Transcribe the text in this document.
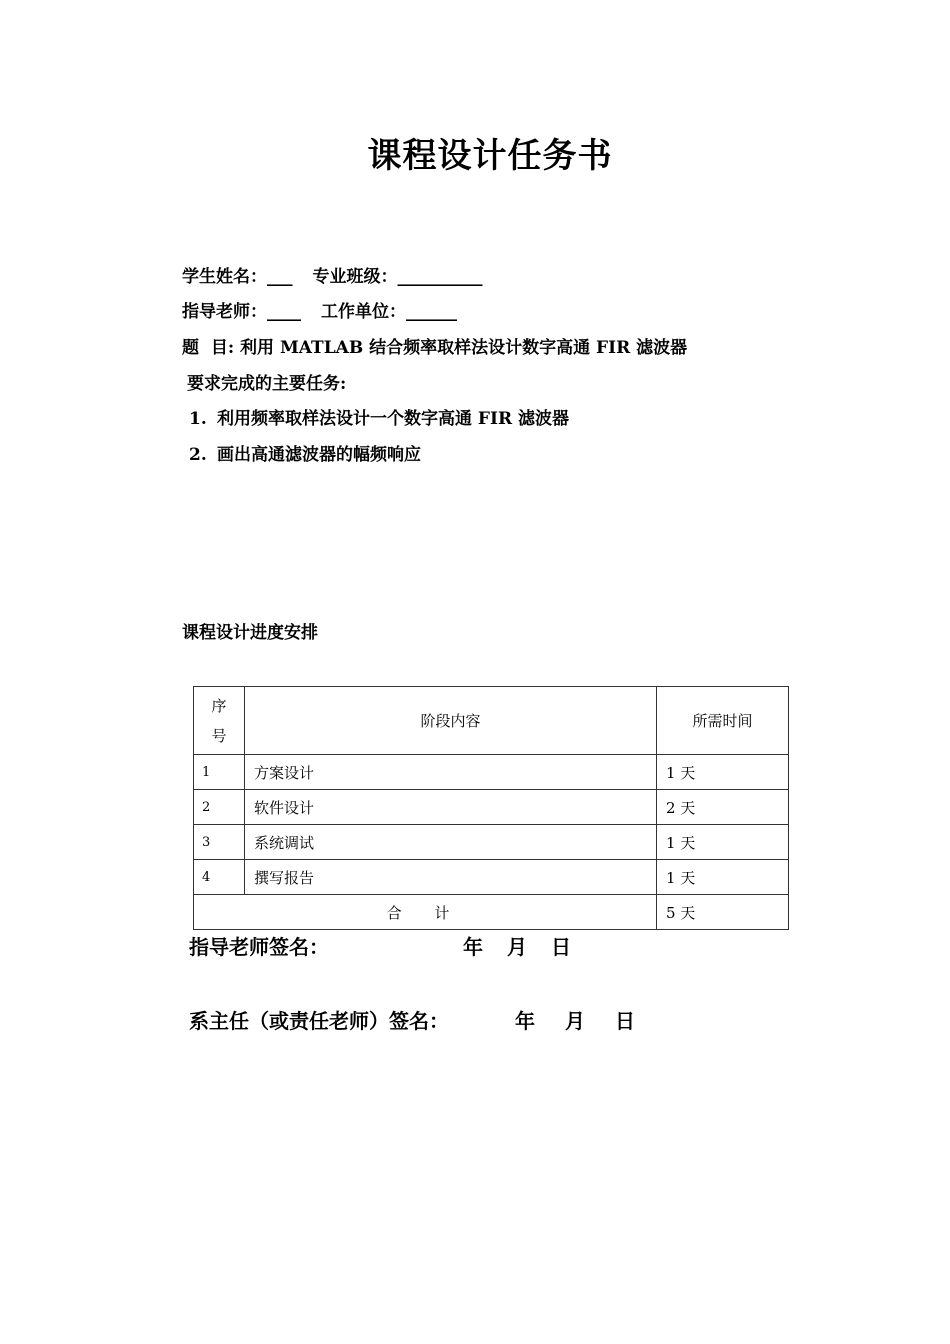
课程设计任务书
学生姓名：___ 专业班级：__________
指导老师：____ 工作单位：______
题  目: 利用 MATLAB 结合频率取样法设计数字高通 FIR 滤波器
要求完成的主要任务:
1. 利用频率取样法设计一个数字高通 FIR 滤波器
2. 画出高通滤波器的幅频响应
课程设计进度安排
序
号	阶段内容	所需时间
1	方案设计	1 天
2	软件设计	2 天
3	系统调试	1 天
4	撰写报告	1 天
合 计		5 天
指导老师签名：	年 月 日
系主任（或责任老师）签名：	年 月 日
